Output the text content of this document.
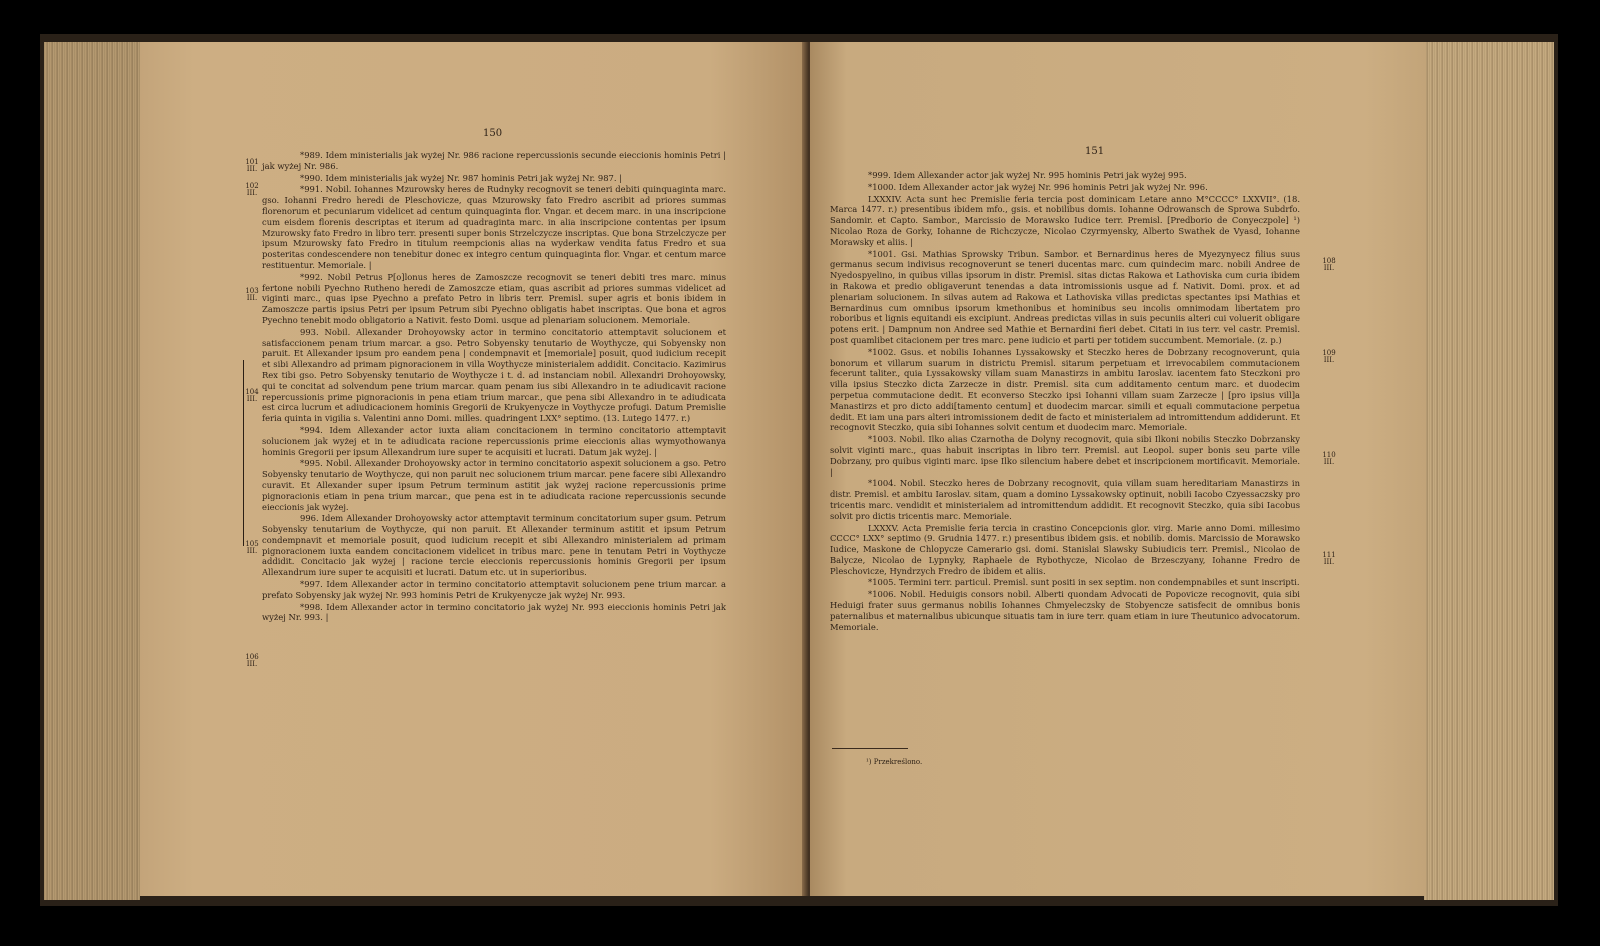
150
101 III.
102 III.
103 III.
104 III.
105 III.
106 III.

*989. Idem ministerialis jak wyżej Nr. 986 racione repercussionis secunde eieccionis hominis Petri | jak wyżej Nr. 986.

*990. Idem ministerialis jak wyżej Nr. 987 hominis Petri jak wyżej Nr. 987. |

*991. Nobil. Iohannes Mzurowsky heres de Rudnyky recognovit se teneri debiti quinquaginta marc. gso. Iohanni Fredro heredi de Pleschovicze, quas Mzurowsky fato Fredro ascribit ad priores summas florenorum et pecuniarum videlicet ad centum quinquaginta flor. Vngar. et decem marc. in una inscripcione cum eisdem florenis descriptas et iterum ad quadraginta marc. in alia inscripcione contentas per ipsum Mzurowsky fato Fredro in libro terr. presenti super bonis Strzelczycze inscriptas. Que bona Strzelczycze per ipsum Mzurowsky fato Fredro in titulum reempcionis alias na wyderkaw vendita fatus Fredro et sua posteritas condescendere non tenebitur donec ex integro centum quinquaginta flor. Vngar. et centum marce restituentur. Memoriale. |

*992. Nobil Petrus P[o]lonus heres de Zamoszcze recognovit se teneri debiti tres marc. minus fertone nobili Pyechno Rutheno heredi de Zamoszcze etiam, quas ascribit ad priores summas videlicet ad viginti marc., quas ipse Pyechno a prefato Petro in libris terr. Premisl. super agris et bonis ibidem in Zamoszcze partis ipsius Petri per ipsum Petrum sibi Pyechno obligatis habet inscriptas. Que bona et agros Pyechno tenebit modo obligatorio a Nativit. festo Domi. usque ad plenariam solucionem. Memoriale.

993. Nobil. Allexander Drohoyowsky actor in termino concitatorio attemptavit solucionem et satisfaccionem penam trium marcar. a gso. Petro Sobyensky tenutario de Woythycze, qui Sobyensky non paruit. Et Allexander ipsum pro eandem pena | condempnavit et [memoriale] posuit, quod iudicium recepit et sibi Allexandro ad primam pignoracionem in villa Woythycze ministerialem addidit. Concitacio. Kazimirus Rex tibi gso. Petro Sobyensky tenutario de Woythycze i t. d. ad instanciam nobil. Allexandri Drohoyowsky, qui te concitat ad solvendum pene trium marcar. quam penam ius sibi Allexandro in te adiudicavit racione repercussionis prime pignoracionis in pena etiam trium marcar., que pena sibi Allexandro in te adiudicata est circa lucrum et adiudicacionem hominis Gregorii de Krukyenycze in Voythycze profugi. Datum Premislie feria quinta in vigilia s. Valentini anno Domi. milles. quadringent LXX° septimo. (13. Lutego 1477. r.)

*994. Idem Allexander actor iuxta aliam concitacionem in termino concitatorio attemptavit solucionem jak wyżej et in te adiudicata racione repercussionis prime eieccionis alias wymyothowanya hominis Gregorii per ipsum Allexandrum iure super te acquisiti et lucrati. Datum jak wyżej. |

*995. Nobil. Allexander Drohoyowsky actor in termino concitatorio aspexit solucionem a gso. Petro Sobyensky tenutario de Woythycze, qui non paruit nec solucionem trium marcar. pene facere sibi Allexandro curavit. Et Allexander super ipsum Petrum terminum astitit jak wyżej racione repercussionis prime pignoracionis etiam in pena trium marcar., que pena est in te adiudicata racione repercussionis secunde eieccionis jak wyżej.

996. Idem Allexander Drohoyowsky actor attemptavit terminum concitatorium super gsum. Petrum Sobyensky tenutarium de Voythycze, qui non paruit. Et Allexander terminum astitit et ipsum Petrum condempnavit et memoriale posuit, quod iudicium recepit et sibi Allexandro ministerialem ad primam pignoracionem iuxta eandem concitacionem videlicet in tribus marc. pene in tenutam Petri in Voythycze addidit. Concitacio jak wyżej | racione tercie eieccionis repercussionis hominis Gregorii per ipsum Allexandrum iure super te acquisiti et lucrati. Datum etc. ut in superioribus.

*997. Idem Allexander actor in termino concitatorio attemptavit solucionem pene trium marcar. a prefato Sobyensky jak wyżej Nr. 993 hominis Petri de Krukyenycze jak wyżej Nr. 993.

*998. Idem Allexander actor in termino concitatorio jak wyżej Nr. 993 eieccionis hominis Petri jak wyżej Nr. 993. |

151
108 III.
109 III.
110 III.
111 III.

*999. Idem Allexander actor jak wyżej Nr. 995 hominis Petri jak wyżej 995.

*1000. Idem Allexander actor jak wyżej Nr. 996 hominis Petri jak wyżej Nr. 996.

LXXXIV. Acta sunt hec Premislie feria tercia post dominicam Letare anno M°CCCC° LXXVII°. (18. Marca 1477. r.) presentibus ibidem mfo., gsis. et nobilibus domis. Iohanne Odrowansch de Sprowa Subdrfo. Sandomir. et Capto. Sambor., Marcissio de Morawsko Iudice terr. Premisl. [Predborio de Conyeczpole] ¹) Nicolao Roza de Gorky, Iohanne de Richczycze, Nicolao Czyrmyensky, Alberto Swathek de Vyasd, Iohanne Morawsky et aliis. |

*1001. Gsi. Mathias Sprowsky Tribun. Sambor. et Bernardinus heres de Myezynyecz filius suus germanus secum indivisus recognoverunt se teneri ducentas marc. cum quindecim marc. nobili Andree de Nyedospyelino, in quibus villas ipsorum in distr. Premisl. sitas dictas Rakowa et Lathoviska cum curia ibidem in Rakowa et predio obligaverunt tenendas a data intromissionis usque ad f. Nativit. Domi. prox. et ad plenariam solucionem. In silvas autem ad Rakowa et Lathoviska villas predictas spectantes ipsi Mathias et Bernardinus cum omnibus ipsorum kmethonibus et hominibus seu incolis omnimodam libertatem pro roboribus et lignis equitandi eis excipiunt. Andreas predictas villas in suis pecuniis alteri cui voluerit obligare potens erit. | Dampnum non Andree sed Mathie et Bernardini fieri debet. Citati in ius terr. vel castr. Premisl. post quamlibet citacionem per tres marc. pene iudicio et parti per totidem succumbent. Memoriale. (z. p.)

*1002. Gsus. et nobilis Iohannes Lyssakowsky et Steczko heres de Dobrzany recognoverunt, quia bonorum et villarum suarum in districtu Premisl. sitarum perpetuam et irrevocabilem commutacionem fecerunt taliter., quia Lyssakowsky villam suam Manastirzs in ambitu Iaroslav. iacentem fato Steczkoni pro villa ipsius Steczko dicta Zarzecze in distr. Premisl. sita cum additamento centum marc. et duodecim perpetua commutacione dedit. Et econverso Steczko ipsi Iohanni villam suam Zarzecze | [pro ipsius vill]a Manastirzs et pro dicto addi[tamento centum] et duodecim marcar. simili et equali commutacione perpetua dedit. Et iam una pars alteri intromissionem dedit de facto et ministerialem ad intromittendum addiderunt. Et recognovit Steczko, quia sibi Iohannes solvit centum et duodecim marc. Memoriale.

*1003. Nobil. Ilko alias Czarnotha de Dolyny recognovit, quia sibi Ilkoni nobilis Steczko Dobrzansky solvit viginti marc., quas habuit inscriptas in libro terr. Premisl. aut Leopol. super bonis seu parte ville Dobrzany, pro quibus viginti marc. ipse Ilko silencium habere debet et inscripcionem mortificavit. Memoriale. |

*1004. Nobil. Steczko heres de Dobrzany recognovit, quia villam suam hereditariam Manastirzs in distr. Premisl. et ambitu Iaroslav. sitam, quam a domino Lyssakowsky optinuit, nobili Iacobo Czyessaczsky pro tricentis marc. vendidit et ministerialem ad intromittendum addidit. Et recognovit Steczko, quia sibi Iacobus solvit pro dictis tricentis marc. Memoriale.

LXXXV. Acta Premislie feria tercia in crastino Concepcionis glor. virg. Marie anno Domi. millesimo CCCC° LXX° septimo (9. Grudnia 1477. r.) presentibus ibidem gsis. et nobilib. domis. Marcissio de Morawsko Iudice, Maskone de Chlopycze Camerario gsi. domi. Stanislai Slawsky Subiudicis terr. Premisl., Nicolao de Balycze, Nicolao de Lypnyky, Raphaele de Rybothycze, Nicolao de Brzesczyany, Iohanne Fredro de Pleschovicze, Hyndrzych Fredro de ibidem et aliis.

*1005. Termini terr. particul. Premisl. sunt positi in sex septim. non condempnabiles et sunt inscripti.

*1006. Nobil. Heduigis consors nobil. Alberti quondam Advocati de Popovicze recognovit, quia sibi Heduigi frater suus germanus nobilis Iohannes Chmyeleczsky de Stobyencze satisfecit de omnibus bonis paternalibus et maternalibus ubicunque situatis tam in iure terr. quam etiam in iure Theutunico advocatorum. Memoriale.

¹) Przekreślono.
